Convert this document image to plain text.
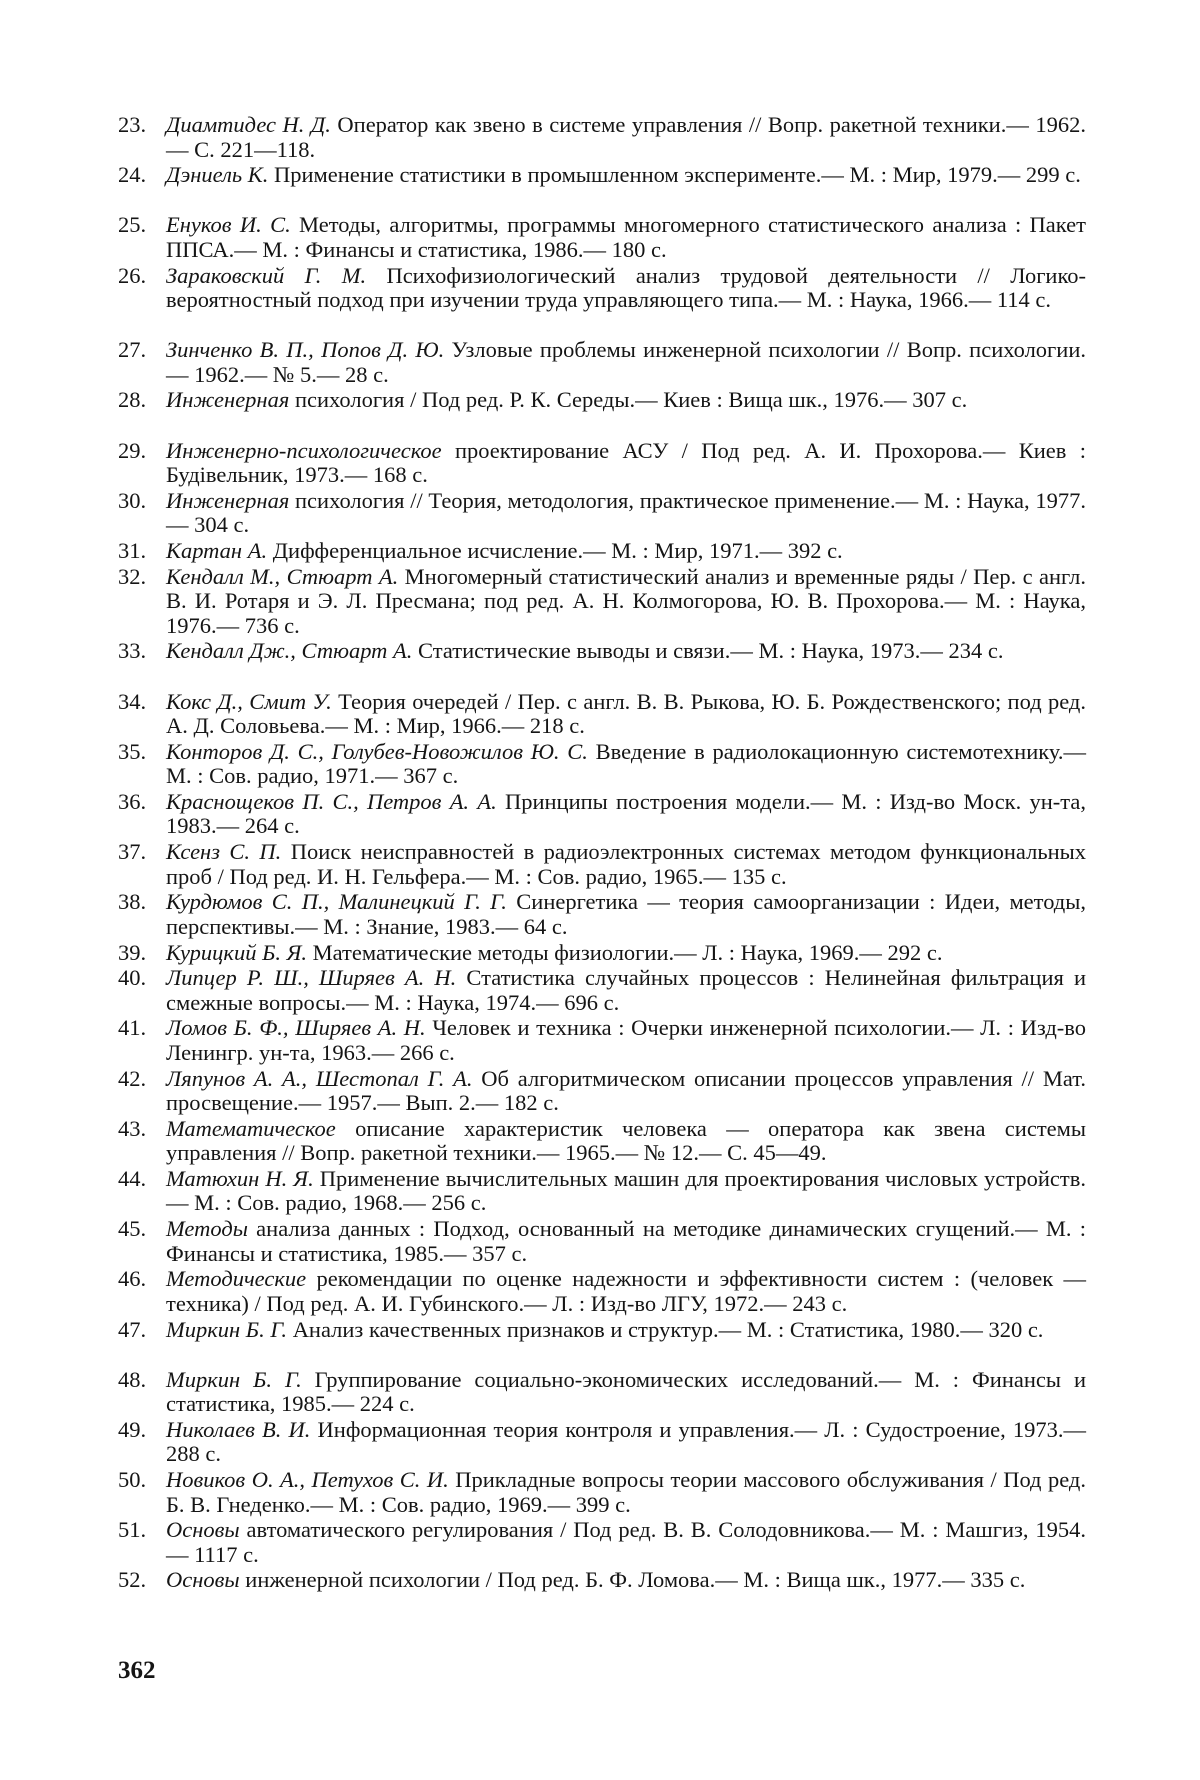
23. Диамтидес Н. Д. Оператор как звено в системе управления // Вопр. ракетной техники.— 1962.— С. 221—118.
24. Дэниель К. Применение статистики в промышленном эксперименте.— М. : Мир, 1979.— 299 с.
25. Енуков И. С. Методы, алгоритмы, программы многомерного статистического анализа : Пакет ППСА.— М. : Финансы и статистика, 1986.— 180 с.
26. Зараковский Г. М. Психофизиологический анализ трудовой деятельности // Логико-вероятностный подход при изучении труда управляющего типа.— М. : Наука, 1966.— 114 с.
27. Зинченко В. П., Попов Д. Ю. Узловые проблемы инженерной психологии // Вопр. психологии.— 1962.— № 5.— 28 с.
28. Инженерная психология / Под ред. Р. К. Середы.— Киев : Вища шк., 1976.— 307 с.
29. Инженерно-психологическое проектирование АСУ / Под ред. А. И. Прохорова.— Киев : Будiвельник, 1973.— 168 с.
30. Инженерная психология // Теория, методология, практическое применение.— М. : Наука, 1977.— 304 с.
31. Картан А. Дифференциальное исчисление.— М. : Мир, 1971.— 392 с.
32. Кендалл М., Стюарт А. Многомерный статистический анализ и временные ряды / Пер. с англ. В. И. Ротаря и Э. Л. Пресмана; под ред. А. Н. Колмогорова, Ю. В. Прохорова.— М. : Наука, 1976.— 736 с.
33. Кендалл Дж., Стюарт А. Статистические выводы и связи.— М. : Наука, 1973.— 234 с.
34. Кокс Д., Смит У. Теория очередей / Пер. с англ. В. В. Рыкова, Ю. Б. Рождественского; под ред. А. Д. Соловьева.— М. : Мир, 1966.— 218 с.
35. Конторов Д. С., Голубев-Новожилов Ю. С. Введение в радиолокационную системотехнику.— М. : Сов. радио, 1971.— 367 с.
36. Краснощеков П. С., Петров А. А. Принципы построения модели.— М. : Изд-во Моск. ун-та, 1983.— 264 с.
37. Ксенз С. П. Поиск неисправностей в радиоэлектронных системах методом функциональных проб / Под ред. И. Н. Гельфера.— М. : Сов. радио, 1965.— 135 с.
38. Курдюмов С. П., Малинецкий Г. Г. Синергетика — теория самоорганизации : Идеи, методы, перспективы.— М. : Знание, 1983.— 64 с.
39. Курицкий Б. Я. Математические методы физиологии.— Л. : Наука, 1969.— 292 с.
40. Липцер Р. Ш., Ширяев А. Н. Статистика случайных процессов : Нелинейная фильтрация и смежные вопросы.— М. : Наука, 1974.— 696 с.
41. Ломов Б. Ф., Ширяев А. Н. Человек и техника : Очерки инженерной психологии.— Л. : Изд-во Ленингр. ун-та, 1963.— 266 с.
42. Ляпунов А. А., Шестопал Г. А. Об алгоритмическом описании процессов управления // Мат. просвещение.— 1957.— Вып. 2.— 182 с.
43. Математическое описание характеристик человека — оператора как звена системы управления // Вопр. ракетной техники.— 1965.— № 12.— С. 45—49.
44. Матюхин Н. Я. Применение вычислительных машин для проектирования числовых устройств. — М. : Сов. радио, 1968.— 256 с.
45. Методы анализа данных : Подход, основанный на методике динамических сгущений.— М. : Финансы и статистика, 1985.— 357 с.
46. Методические рекомендации по оценке надежности и эффективности систем : (человек — техника) / Под ред. А. И. Губинского.— Л. : Изд-во ЛГУ, 1972.— 243 с.
47. Миркин Б. Г. Анализ качественных признаков и структур.— М. : Статистика, 1980.— 320 с.
48. Миркин Б. Г. Группирование социально-экономических исследований.— М. : Финансы и статистика, 1985.— 224 с.
49. Николаев В. И. Информационная теория контроля и управления.— Л. : Судостроение, 1973.— 288 с.
50. Новиков О. А., Петухов С. И. Прикладные вопросы теории массового обслуживания / Под ред. Б. В. Гнеденко.— М. : Сов. радио, 1969.— 399 с.
51. Основы автоматического регулирования / Под ред. В. В. Солодовникова.— М. : Машгиз, 1954.— 1117 с.
52. Основы инженерной психологии / Под ред. Б. Ф. Ломова.— М. : Вища шк., 1977.— 335 с.
362
